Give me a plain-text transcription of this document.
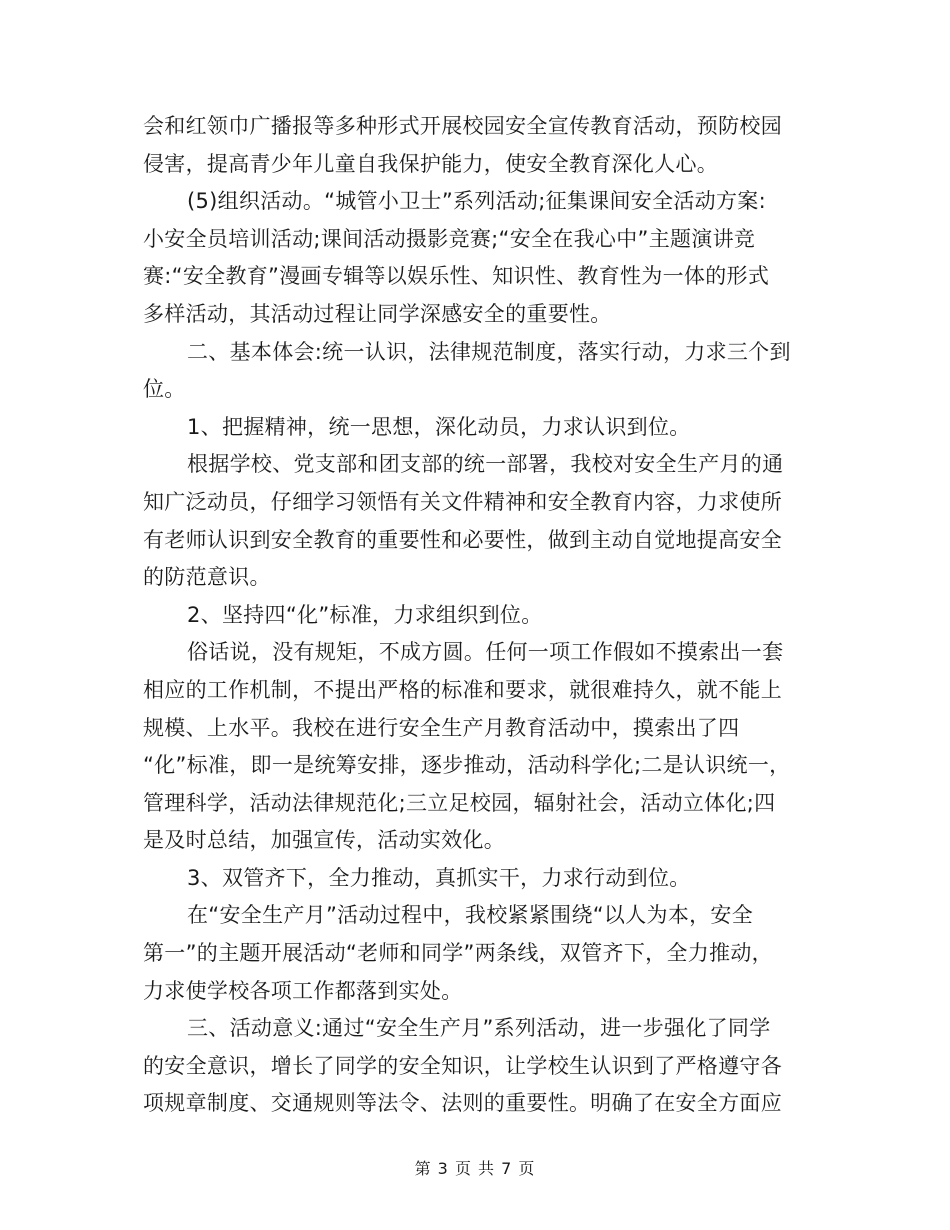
会和红领巾广播报等多种形式开展校园安全宣传教育活动，预防校园
侵害，提高青少年儿童自我保护能力，使安全教育深化人心。
(5)组织活动。“城管小卫士”系列活动;征集课间安全活动方案:
小安全员培训活动;课间活动摄影竞赛;“安全在我心中”主题演讲竞
赛:“安全教育”漫画专辑等以娱乐性、知识性、教育性为一体的形式
多样活动，其活动过程让同学深感安全的重要性。
二、基本体会:统一认识，法律规范制度，落实行动，力求三个到
位。
1、把握精神，统一思想，深化动员，力求认识到位。
根据学校、党支部和团支部的统一部署，我校对安全生产月的通
知广泛动员，仔细学习领悟有关文件精神和安全教育内容，力求使所
有老师认识到安全教育的重要性和必要性，做到主动自觉地提高安全
的防范意识。
2、坚持四“化”标准，力求组织到位。
俗话说，没有规矩，不成方圆。任何一项工作假如不摸索出一套
相应的工作机制，不提出严格的标准和要求，就很难持久，就不能上
规模、上水平。我校在进行安全生产月教育活动中，摸索出了四
“化”标准，即一是统筹安排，逐步推动，活动科学化;二是认识统一，
管理科学，活动法律规范化;三立足校园，辐射社会，活动立体化;四
是及时总结，加强宣传，活动实效化。
3、双管齐下，全力推动，真抓实干，力求行动到位。
在“安全生产月”活动过程中，我校紧紧围绕“以人为本，安全
第一”的主题开展活动“老师和同学”两条线，双管齐下，全力推动，
力求使学校各项工作都落到实处。
三、活动意义:通过“安全生产月”系列活动，进一步强化了同学
的安全意识，增长了同学的安全知识，让学校生认识到了严格遵守各
项规章制度、交通规则等法令、法则的重要性。明确了在安全方面应
第 3 页 共 7 页
